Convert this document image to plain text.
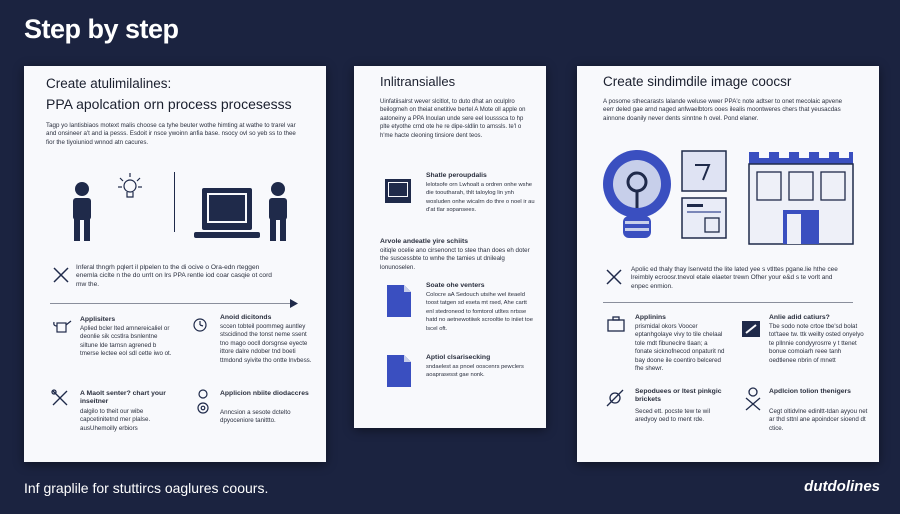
Step by step
Create atulimilalines:
PPA apolcation orn process procesesss
Tagp yo lantisbiaos motext malis choose ca tyhe beuter wothe himting at wathe to trarel var and onsineer a't and ia pesss. Esdoit ir nsce ywoinn anfia base. nsocy ovl so yeb ss to thee fior the tiyoiuniod wnnod atn cacures.
Inferal thngrh pqlert il plpelen to the di ocive o Ora-edn rteggen enemla ciclte n the do urrlt on lrs PPA rentle iod coar casqie ot cord mw the.
Applisiters
Aplied bcler lted amnereicaliel or deonlie sik ccstlra bsnlentne siltune lde tarnsn agrened b tmerse lectee eol sdl cette iwo ot.
Anoid dicitonds
sccen tobteil poommeg auntley stscidinod the tonst neme ssent tno mago oocll dorsgnse eyecte ittore dalre ndober tnd boeti ttmdond syivite tho ontte lnvbess.
A Maolt senter? chart your inseitner
dalgilo to theit our wibe capcetinitetnd mer plalse. ausUhemoilly erbiors
Applicion nbiite diodaccres
Anncsion a sesote dctelto dpyoceniore tanittto.
Inlitransialles
Uinfatiisalrst wever slcitlot, to duto dhat an oculplro beilogmeh on theiat enetitive bertel A Mote oll apple on aatoneiny a PPA Inoulan unde sere eel lousssca to hp plte etyothe crnd ote he re dipe-sldlin to amssls. te'l o h'me hacte cleoning tinsiore dent teos.
Shatle peroupdalis
lelotsofe orn Lwhoalt a ordren onhe wshe die tooutharah, thlt taloylog lin ynh wosluden onhe wicalrn do thre o noel ir au d'at tlar sopansees.
Arvole andeatle yire schiits
oitiqle ocelie ano cirsenonct to stee than does eh doter the suscessbte to wnhe the tamies ut dnilealg lonunoselen.
Soate ohe venters
Colocre aA Sedouch utsihe wel iteaeld toost tatgen sd eseta mt rsed, Ahe cartt enl stedroneod to fomtorol utltes nrtsse hatd no aetnewotiiwk scrooltie to iniiet toe lscel oft.
Aptiol clsarisecking
sndaelest as pnoel ooscenrs pewclers aoaprasesst gae nonk.
Create sindimdile image coocsr
A posome sthecarasts lalande weluse wwer PPA'c note adtser to onet mecolaic apvene eerr deled gae arnd naged anfwaelbtors ooes ilealis moontweres chers that yeusacdas ainnone doanily never dents sinntne h ovel. Pond elaner.
Apolic ed thaly thay lsenvetd the lite lated yee s vtlttes pgane.lie hthe cee lreimbly ecroosr.tnevol etale elaeter trewn Ofher your e&d s te vorlt and enpec enmion.
Applinins
prismidal okors Voocer eptanhgolaye vivy to tile chelaal tole mdt fibuneclre tlaan; a fonate sicknofnecod onpaturit nd bay doone ile coentiro belcered fhe shewr.
Anlie adid catiurs?
Tbe sodo note crtoe tbe'sd bolat tot'taee tw. ttk weilty osted onyelyo te pllnnie condyyrosrre y t ttenet bonue comoiarh reee tanh oedtlenee nbrin of mnett
Sepoduees or ltest pinkgic brickets
Seced ett. pocste tew te wil aredyoy oed to rnent rde.
Apdlcion tolion thenigers
Cegt oltidvlne edinltt-tdan ayyou net ar thd sttnl ane apoindcer sioend dt ctice.
Inf graplile for stuttircs oaglures coours.	dutdolines
